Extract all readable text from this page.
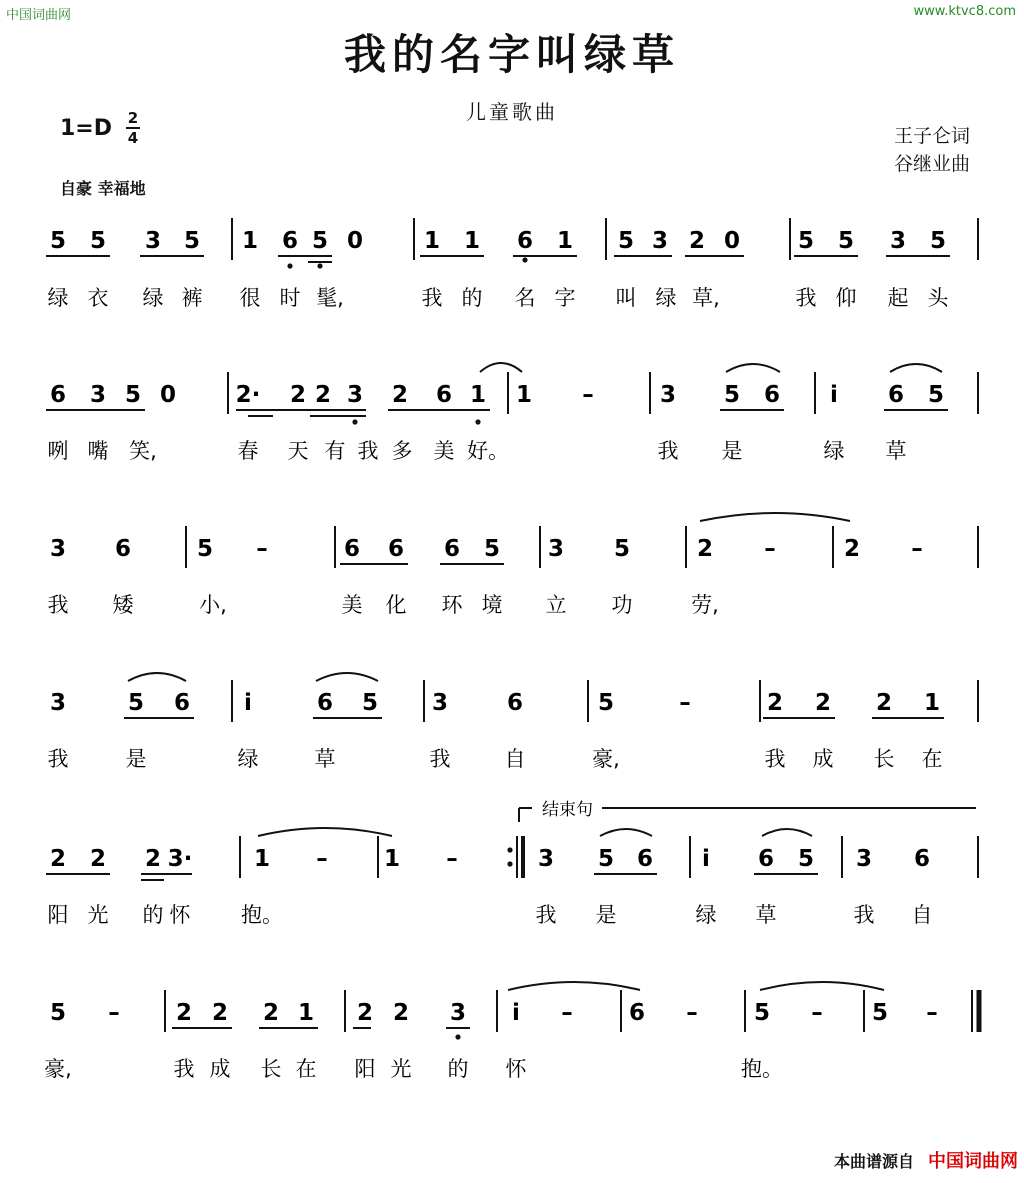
中国词曲网	www.ktvc8.com
我的名字叫绿草
儿童歌曲
1=D 2
4
自豪 幸福地
王子仑词
谷继业曲
5 5 3 5 1 6 5 0	1 1 6 1 5 3 2 0	5 5 3 5
绿 衣 绿 裤 很 时 髦,	我 的 名 字 叫 绿 草,	我 仰 起 头
6 3 5 0	2· 2 2 3 2 6 1 1 –	3 5 6 i 6 5
咧 嘴 笑,	春 天 有 我 多 美 好。	我 是	绿 草
3 6	5 –	6 6 6 5 3 5	2 –	2 –
我 矮	小,	美 化 环 境 立 功	劳,
3	5 6 i	6 5 3	6	5	–	2 2 2 1
我	是	绿	草	我	自	豪,	我 成 长 在
2 2 2 3·	1 – 1 –	3 5 6 i 6 5 3 6
阳 光 的 怀 抱。	我 是	绿 草	我 自
5 – 2 2 2 1 2 2 3 i – 6 – 5 – 5 –
豪,	我 成 长 在 阳 光 的 怀	抱。
结束句
本曲谱源自 中国词曲网
